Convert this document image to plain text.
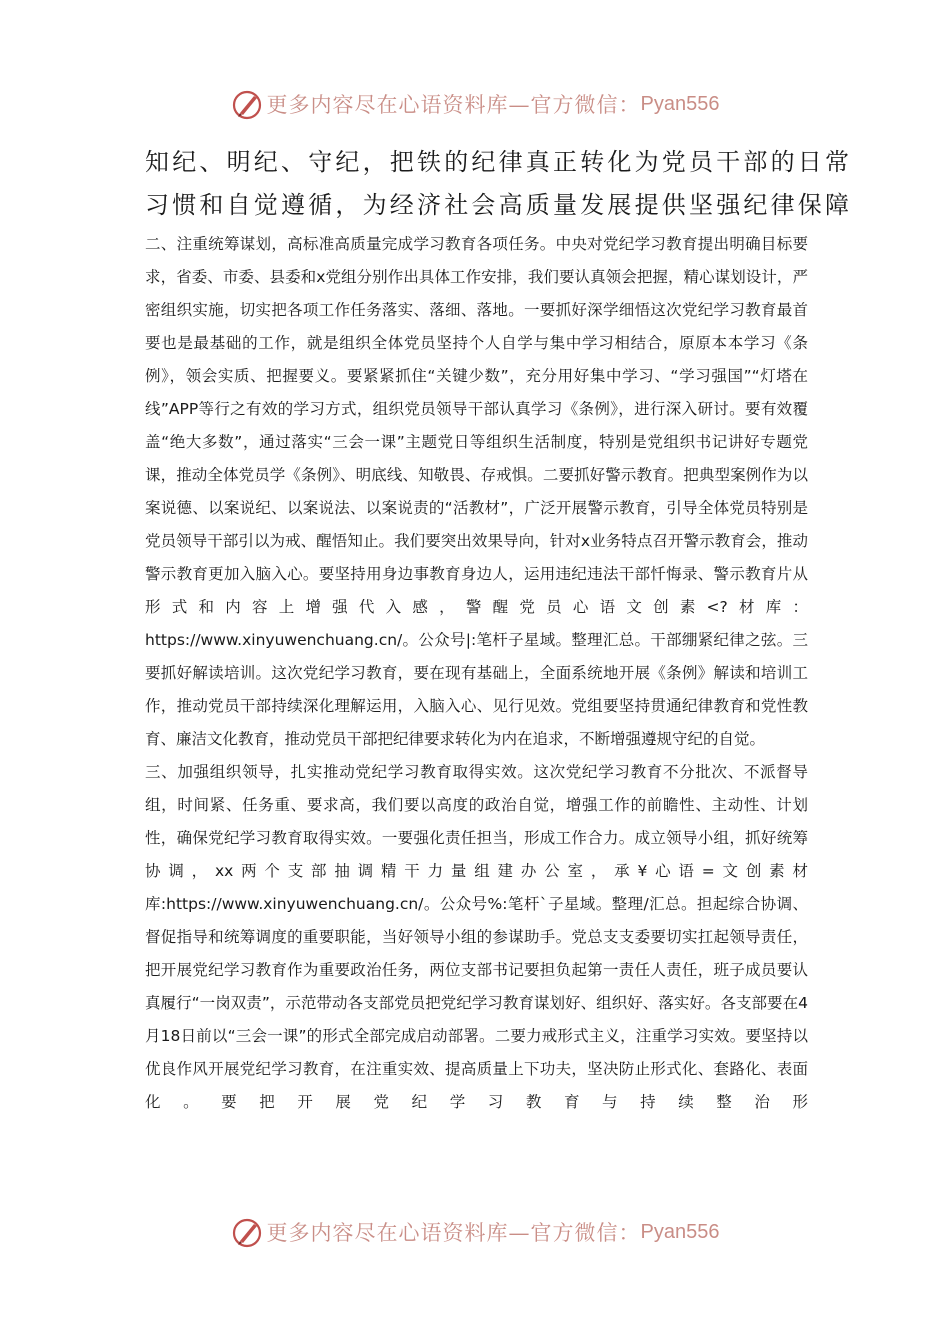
更多内容尽在心语资料库—官方微信： Pyan556
知纪、明纪、守纪，把铁的纪律真正转化为党员干部的日常
习惯和自觉遵循，为经济社会高质量发展提供坚强纪律保障

二、注重统筹谋划，高标准高质量完成学习教育各项任务。中央对党纪学习教育提出明确目标要求，省委、市委、县委和x党组分别作出具体工作安排，我们要认真领会把握，精心谋划设计，严密组织实施，切实把各项工作任务落实、落细、落地。一要抓好深学细悟这次党纪学习教育最首要也是最基础的工作，就是组织全体党员坚持个人自学与集中学习相结合，原原本本学习《条例》，领会实质、把握要义。要紧紧抓住“关键少数”，充分用好集中学习、“学习强国”“灯塔在线”APP等行之有效的学习方式，组织党员领导干部认真学习《条例》，进行深入研讨。要有效覆盖“绝大多数”，通过落实“三会一课”主题党日等组织生活制度，特别是党组织书记讲好专题党课，推动全体党员学《条例》、明底线、知敬畏、存戒惧。二要抓好警示教育。把典型案例作为以案说德、以案说纪、以案说法、以案说责的“活教材”，广泛开展警示教育，引导全体党员特别是党员领导干部引以为戒、醒悟知止。我们要突出效果导向，针对x业务特点召开警示教育会，推动警示教育更加入脑入心。要坚持用身边事教育身边人，运用违纪违法干部忏悔录、警示教育片从形式和内容上增强代入感，警醒党员心语文创素<?材库：https://www.xinyuwenchuang.cn/。公众号|:笔杆子星域。整理汇总。干部绷紧纪律之弦。三要抓好解读培训。这次党纪学习教育，要在现有基础上，全面系统地开展《条例》解读和培训工作，推动党员干部持续深化理解运用，入脑入心、见行见效。党组要坚持贯通纪律教育和党性教育、廉洁文化教育，推动党员干部把纪律要求转化为内在追求，不断增强遵规守纪的自觉。

三、加强组织领导，扎实推动党纪学习教育取得实效。这次党纪学习教育不分批次、不派督导组，时间紧、任务重、要求高，我们要以高度的政治自觉，增强工作的前瞻性、主动性、计划性，确保党纪学习教育取得实效。一要强化责任担当，形成工作合力。成立领导小组，抓好统筹协调，xx两个支部抽调精干力量组建办公室，承¥心语=文创素材库:https://www.xinyuwenchuang.cn/。公众号%:笔杆`子星域。整理/汇总。担起综合协调、督促指导和统筹调度的重要职能，当好领导小组的参谋助手。党总支支委要切实扛起领导责任，把开展党纪学习教育作为重要政治任务，两位支部书记要担负起第一责任人责任，班子成员要认真履行“一岗双责”，示范带动各支部党员把党纪学习教育谋划好、组织好、落实好。各支部要在4月18日前以“三会一课”的形式全部完成启动部署。二要力戒形式主义，注重学习实效。要坚持以优良作风开展党纪学习教育，在注重实效、提高质量上下功夫，坚决防止形式化、套路化、表面化。要把开展党纪学习教育与持续整治形

更多内容尽在心语资料库—官方微信： Pyan556
